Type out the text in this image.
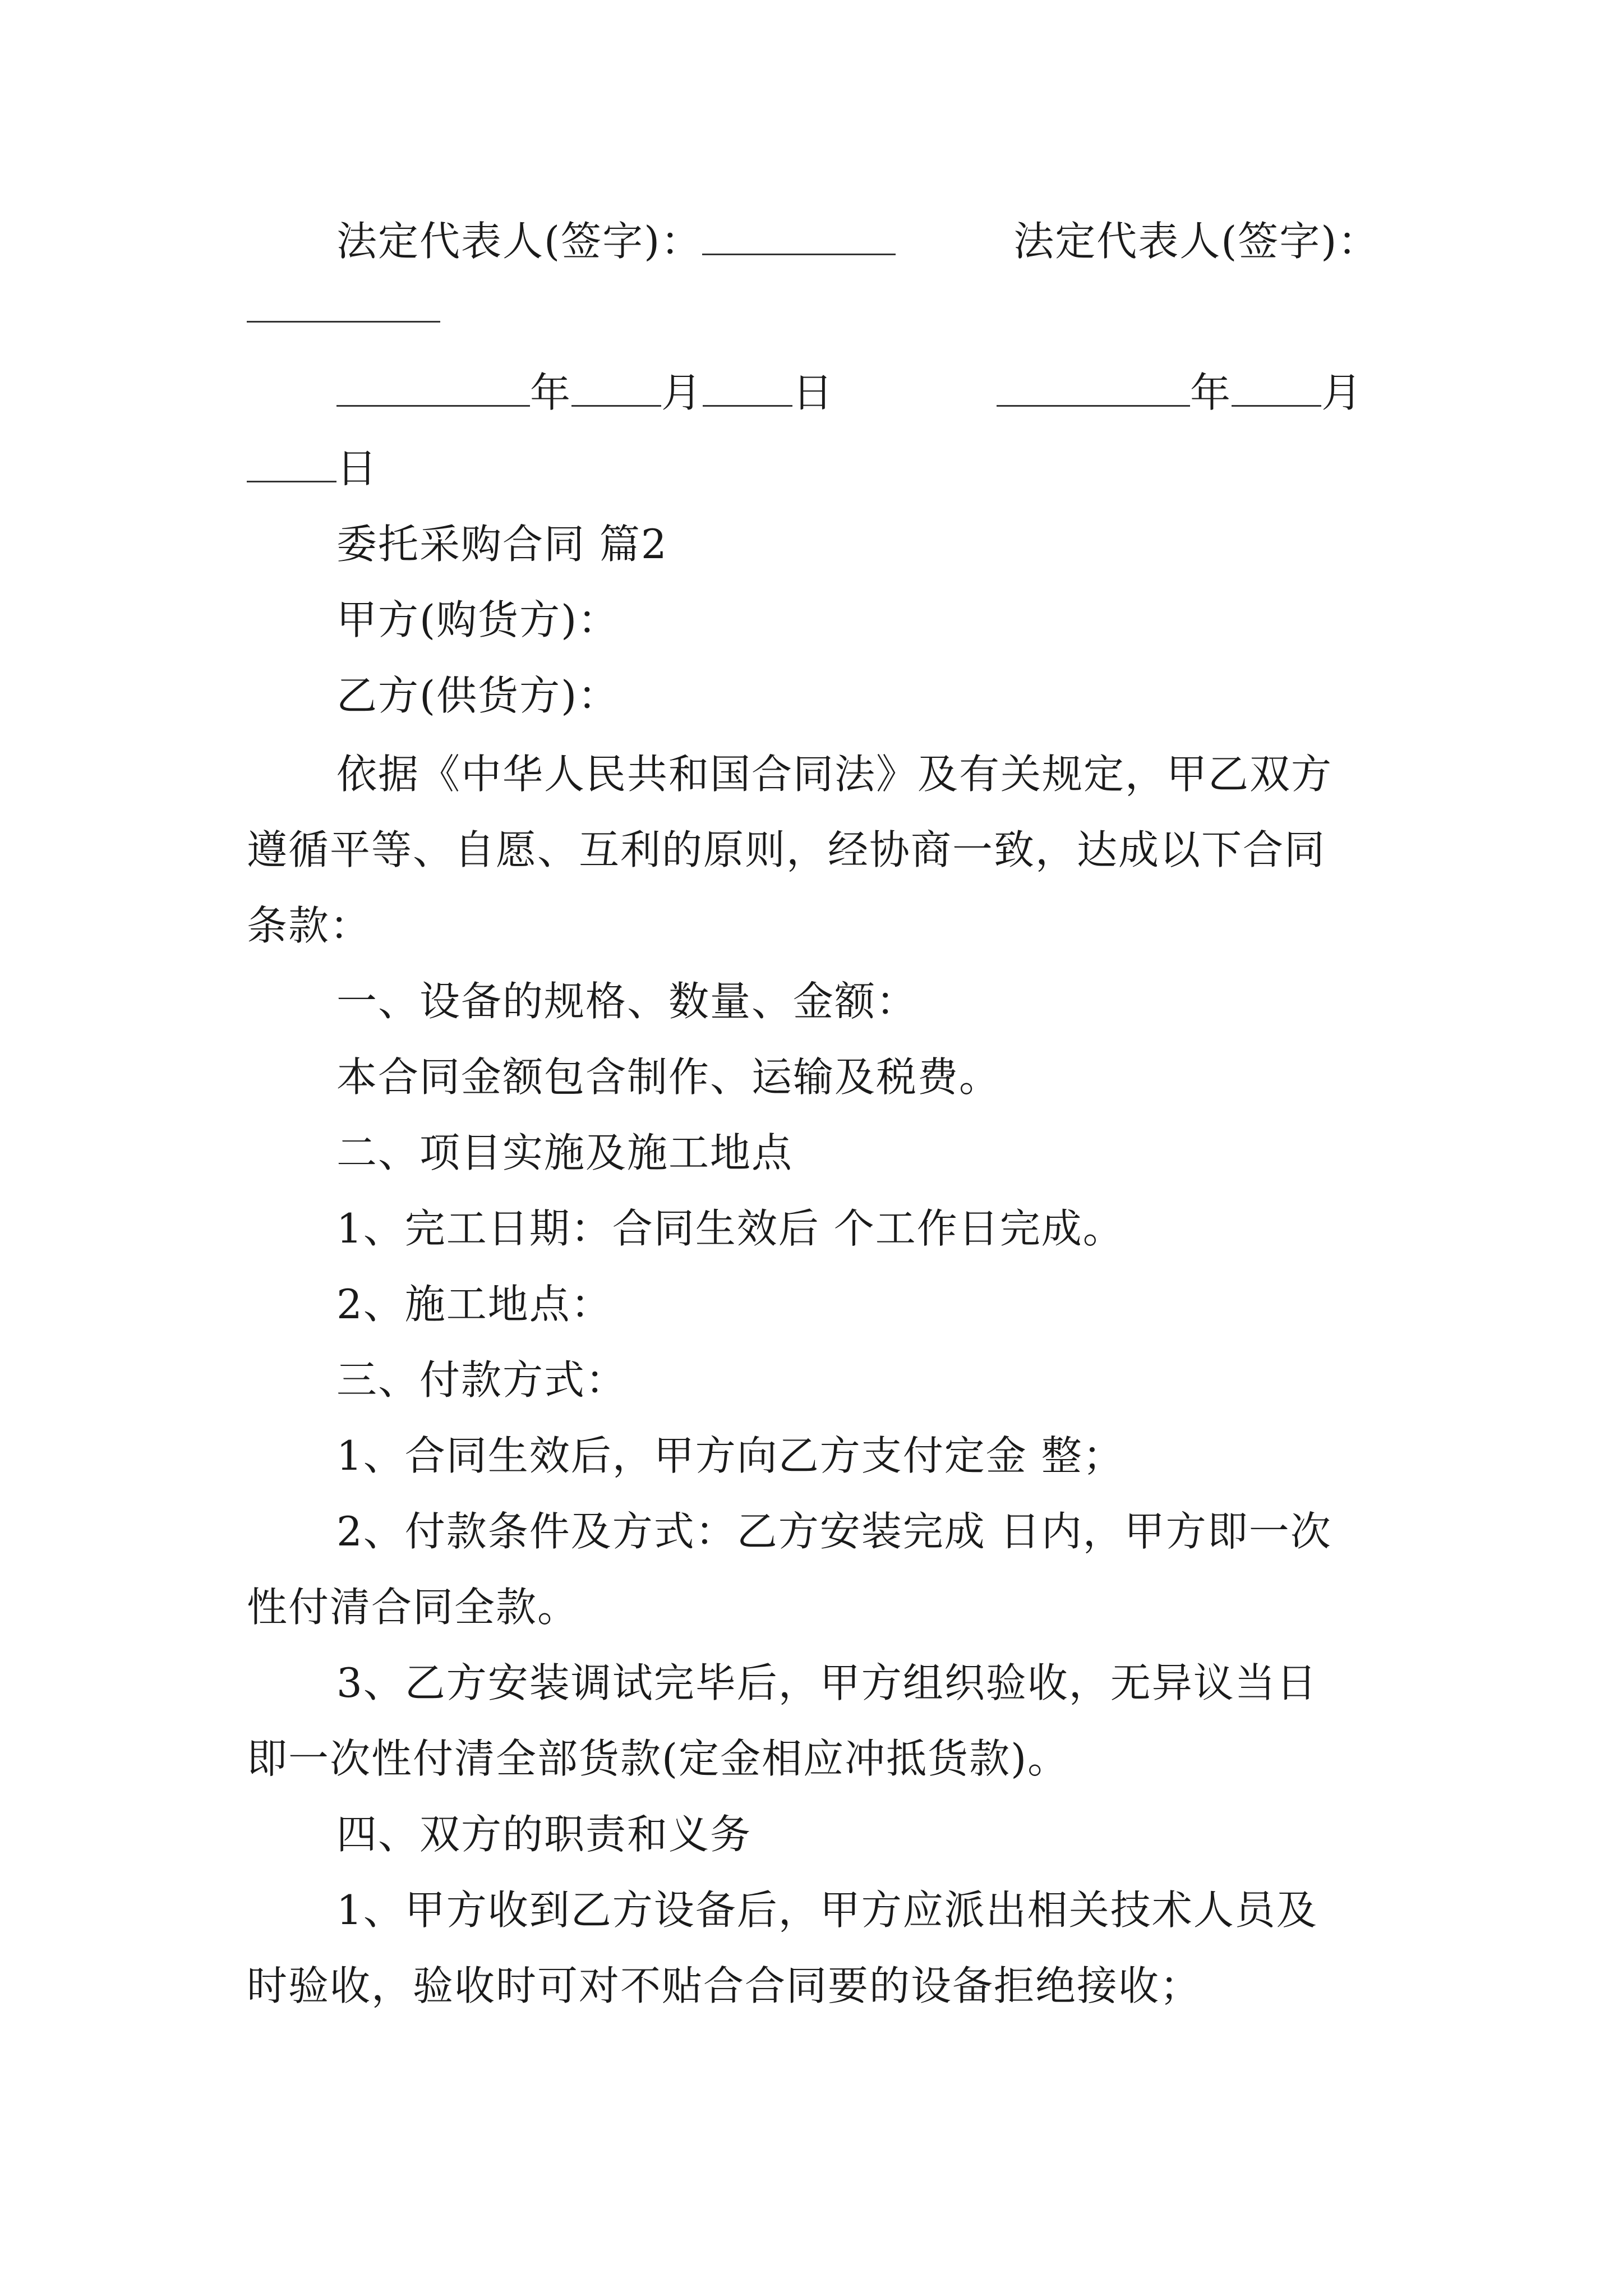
法定代表人(签字)：	法定代表人(签字)：
年 月 日	年 月
日
委托采购合同 篇2
甲方(购货方)：
乙方(供货方)：
依据《中华人民共和国合同法》及有关规定，甲乙双方
遵循平等、自愿、互利的原则，经协商一致，达成以下合同
条款：
一、设备的规格、数量、金额：
本合同金额包含制作、运输及税费。
二、项目实施及施工地点
1、完工日期：合同生效后 个工作日完成。
2、施工地点：
三、付款方式：
1、合同生效后，甲方向乙方支付定金 整；
2、付款条件及方式：乙方安装完成 日内，甲方即一次
性付清合同全款。
3、乙方安装调试完毕后，甲方组织验收，无异议当日
即一次性付清全部货款(定金相应冲抵货款)。
四、双方的职责和义务
1、甲方收到乙方设备后，甲方应派出相关技术人员及
时验收，验收时可对不贴合合同要的设备拒绝接收；
